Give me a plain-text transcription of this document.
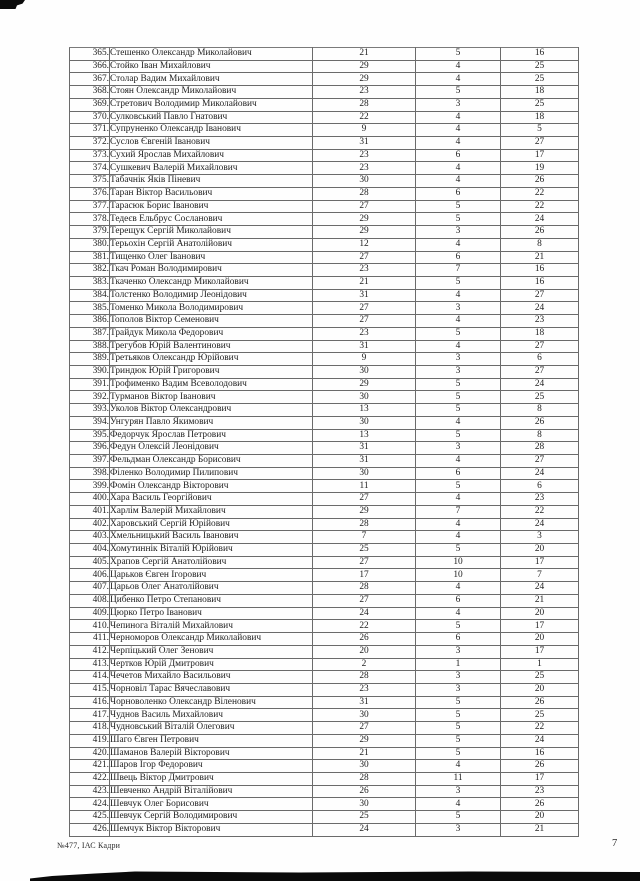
365.	Стешенко Олександр Миколайович	21	5	16
366.	Стойко Іван Михайлович	29	4	25
367.	Столар Вадим Михайлович	29	4	25
368.	Стоян Олександр Миколайович	23	5	18
369.	Стретович Володимир Миколайович	28	3	25
370.	Сулковський Павло Гнатович	22	4	18
371.	Супруненко Олександр Іванович	9	4	5
372.	Суслов Євгеній Іванович	31	4	27
373.	Сухий Ярослав Михайлович	23	6	17
374.	Сушкевич Валерій Михайлович	23	4	19
375.	Табачнік Яків Піневич	30	4	26
376.	Таран Віктор Васильович	28	6	22
377.	Тарасюк Борис Іванович	27	5	22
378.	Тедеєв Ельбрус Сосланович	29	5	24
379.	Терещук Сергій Миколайович	29	3	26
380.	Терьохін Сергій Анатолійович	12	4	8
381.	Тищенко Олег Іванович	27	6	21
382.	Ткач Роман Володимирович	23	7	16
383.	Ткаченко Олександр Миколайович	21	5	16
384.	Толстенко Володимир Леонідович	31	4	27
385.	Томенко Микола Володимирович	27	3	24
386.	Тополов Віктор Семенович	27	4	23
387.	Трайдук Микола Федорович	23	5	18
388.	Трегубов Юрій Валентинович	31	4	27
389.	Третьяков Олександр Юрійович	9	3	6
390.	Триндюк Юрій Григорович	30	3	27
391.	Трофименко Вадим Всеволодович	29	5	24
392.	Турманов Віктор Іванович	30	5	25
393.	Уколов Віктор Олександрович	13	5	8
394.	Унгурян Павло Якимович	30	4	26
395.	Федорчук Ярослав Петрович	13	5	8
396.	Федун Олексій Леонідович	31	3	28
397.	Фельдман Олександр Борисович	31	4	27
398.	Філенко Володимир Пилипович	30	6	24
399.	Фомін Олександр Вікторович	11	5	6
400.	Хара Василь Георгійович	27	4	23
401.	Харлім Валерій Михайлович	29	7	22
402.	Харовський Сергій Юрійович	28	4	24
403.	Хмельницький Василь Іванович	7	4	3
404.	Хомутиннік Віталій Юрійович	25	5	20
405.	Храпов Сергій Анатолійович	27	10	17
406.	Царьков Євген Ігорович	17	10	7
407.	Царьов Олег Анатолійович	28	4	24
408.	Цибенко Петро Степанович	27	6	21
409.	Цюрко Петро Іванович	24	4	20
410.	Чепинога Віталій Михайлович	22	5	17
411.	Черноморов Олександр Миколайович	26	6	20
412.	Черпіцький Олег Зенович	20	3	17
413.	Чертков Юрій Дмитрович	2	1	1
414.	Чечетов Михайло Васильович	28	3	25
415.	Чорновіл Тарас Вячеславович	23	3	20
416.	Чорноволенко Олександр Віленович	31	5	26
417.	Чуднов Василь Михайлович	30	5	25
418.	Чудновський Віталій Олегович	27	5	22
419.	Шаго Євген Петрович	29	5	24
420.	Шаманов Валерій Вікторович	21	5	16
421.	Шаров Ігор Федорович	30	4	26
422.	Швець Віктор Дмитрович	28	11	17
423.	Шевченко Андрій Віталійович	26	3	23
424.	Шевчук Олег Борисович	30	4	26
425.	Шевчук Сергій Володимирович	25	5	20
426.	Шемчук Віктор Вікторович	24	3	21
№477, ІАС Кадри	7
